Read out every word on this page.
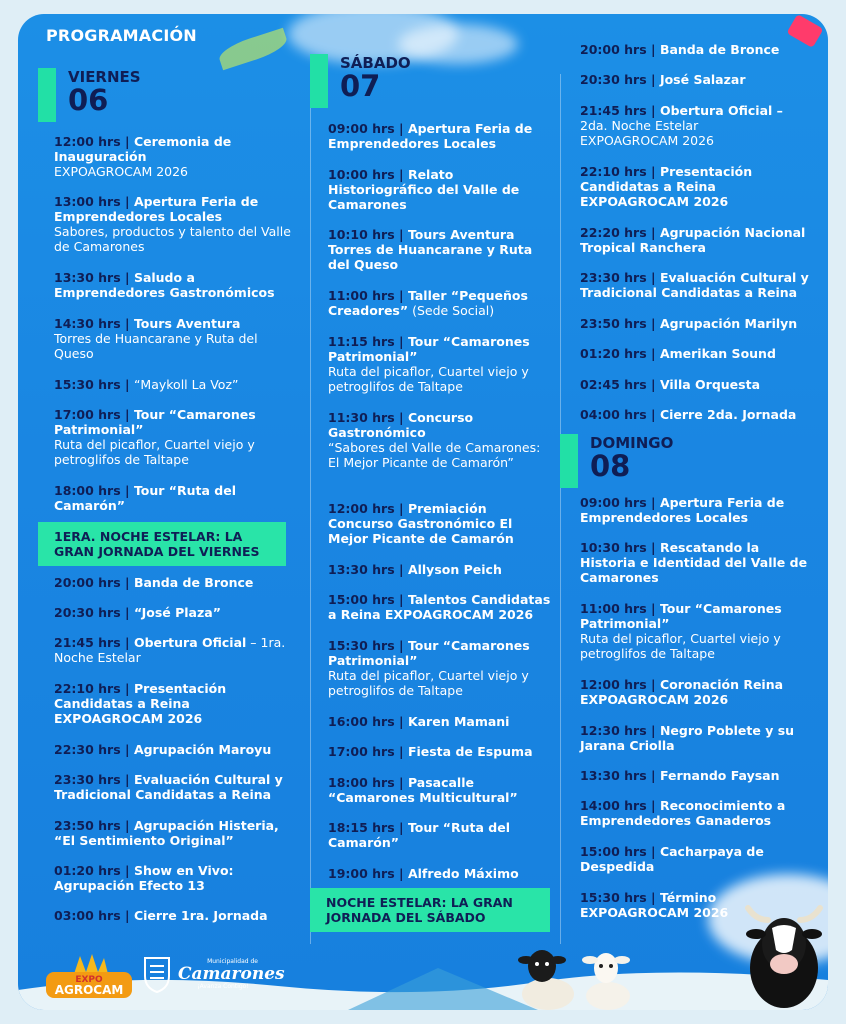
PROGRAMACIÓN
VIERNES
06
12:00 hrs | Ceremonia de Inauguración
EXPOAGROCAM 2026
13:00 hrs | Apertura Feria de Emprendedores Locales
Sabores, productos y talento del Valle de Camarones
13:30 hrs | Saludo a Emprendedores Gastronómicos
14:30 hrs | Tours Aventura
Torres de Huancarane y Ruta del Queso
15:30 hrs | “Maykoll La Voz”
17:00 hrs | Tour “Camarones Patrimonial”
Ruta del picaflor, Cuartel viejo y petroglifos de Taltape
18:00 hrs | Tour “Ruta del Camarón”
1ERA. NOCHE ESTELAR: LA GRAN JORNADA DEL VIERNES
20:00 hrs | Banda de Bronce
20:30 hrs | “José Plaza”
21:45 hrs | Obertura Oficial – 1ra. Noche Estelar
22:10 hrs | Presentación Candidatas a Reina EXPOAGROCAM 2026
22:30 hrs | Agrupación Maroyu
23:30 hrs | Evaluación Cultural y Tradicional Candidatas a Reina
23:50 hrs | Agrupación Histeria, “El Sentimiento Original”
01:20 hrs | Show en Vivo: Agrupación Efecto 13
03:00 hrs | Cierre 1ra. Jornada
SÁBADO
07
09:00 hrs | Apertura Feria de Emprendedores Locales
10:00 hrs | Relato Historiográfico del Valle de Camarones
10:10 hrs | Tours Aventura Torres de Huancarane y Ruta del Queso
11:00 hrs | Taller “Pequeños Creadores” (Sede Social)
11:15 hrs | Tour “Camarones Patrimonial”
Ruta del picaflor, Cuartel viejo y petroglifos de Taltape
11:30 hrs | Concurso Gastronómico
“Sabores del Valle de Camarones: El Mejor Picante de Camarón”
12:00 hrs | Premiación Concurso Gastronómico El Mejor Picante de Camarón
13:30 hrs | Allyson Peich
15:00 hrs | Talentos Candidatas a Reina EXPOAGROCAM 2026
15:30 hrs | Tour “Camarones Patrimonial”
Ruta del picaflor, Cuartel viejo y petroglifos de Taltape
16:00 hrs | Karen Mamani
17:00 hrs | Fiesta de Espuma
18:00 hrs | Pasacalle “Camarones Multicultural”
18:15 hrs | Tour “Ruta del Camarón”
19:00 hrs | Alfredo Máximo
NOCHE ESTELAR: LA GRAN JORNADA DEL SÁBADO
20:00 hrs | Banda de Bronce
20:30 hrs | José Salazar
21:45 hrs | Obertura Oficial –
2da. Noche Estelar EXPOAGROCAM 2026
22:10 hrs | Presentación Candidatas a Reina EXPOAGROCAM 2026
22:20 hrs | Agrupación Nacional Tropical Ranchera
23:30 hrs | Evaluación Cultural y Tradicional Candidatas a Reina
23:50 hrs | Agrupación Marilyn
01:20 hrs | Amerikan Sound
02:45 hrs | Villa Orquesta
04:00 hrs | Cierre 2da. Jornada
DOMINGO
08
09:00 hrs | Apertura Feria de Emprendedores Locales
10:30 hrs | Rescatando la Historia e Identidad del Valle de Camarones
11:00 hrs | Tour “Camarones Patrimonial”
Ruta del picaflor, Cuartel viejo y petroglifos de Taltape
12:00 hrs | Coronación Reina EXPOAGROCAM 2026
12:30 hrs | Negro Poblete y su Jarana Criolla
13:30 hrs | Fernando Faysan
14:00 hrs | Reconocimiento a Emprendedores Ganaderos
15:00 hrs | Cacharpaya de Despedida
15:30 hrs | Término EXPOAGROCAM 2026
EXPO
AGROCAM
Municipalidad de
Camarones
¡Avanza Contigo!
